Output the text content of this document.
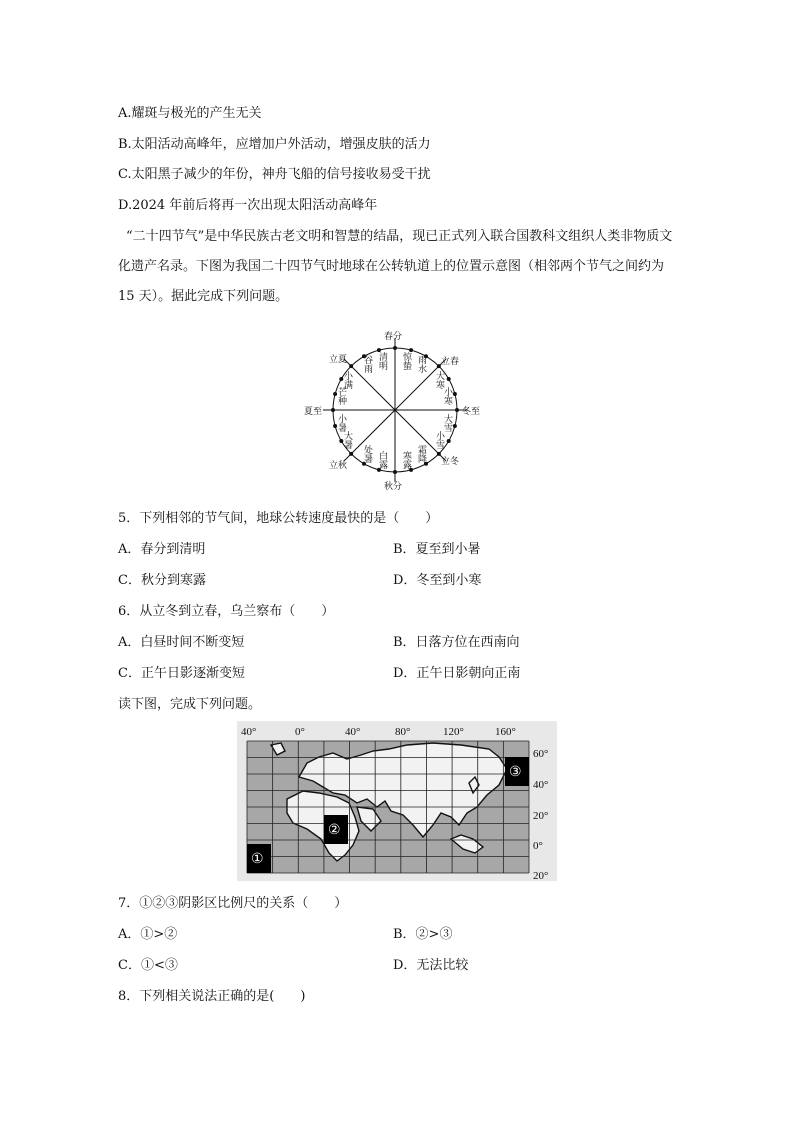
A.耀斑与极光的产生无关
B.太阳活动高峰年，应增加户外活动，增强皮肤的活力
C.太阳黑子减少的年份，神舟飞船的信号接收易受干扰
D.2024 年前后将再一次出现太阳活动高峰年
“二十四节气”是中华民族古老文明和智慧的结晶，现已正式列入联合国教科文组织人类非物质文化遗产名录。下图为我国二十四节气时地球在公转轨道上的位置示意图（相邻两个节气之间约为 15 天）。据此完成下列问题。
春分
立春
冬至
立冬
秋分
立秋
夏至
立夏	清明
谷雨	惊蛰 雨水
小满
芒种
大寒
小寒
小暑
大暑
大雪
小雪
处暑 白露 寒露 霜降
5．下列相邻的节气间，地球公转速度最快的是（　　）
A．春分到清明	B．夏至到小暑
C．秋分到寒露	D．冬至到小寒
6．从立冬到立春，乌兰察布（　　）
A．白昼时间不断变短	B．日落方位在西南向
C．正午日影逐渐变短	D．正午日影朝向正南
读下图，完成下列问题。
①
②
③
40°	0°	40°	80°	120°	160°
60°
40°
20°
0°
20°
7．①②③阴影区比例尺的关系（　　）
A．①>②	B．②>③
C．①<③	D．无法比较
8．下列相关说法正确的是(　　)
